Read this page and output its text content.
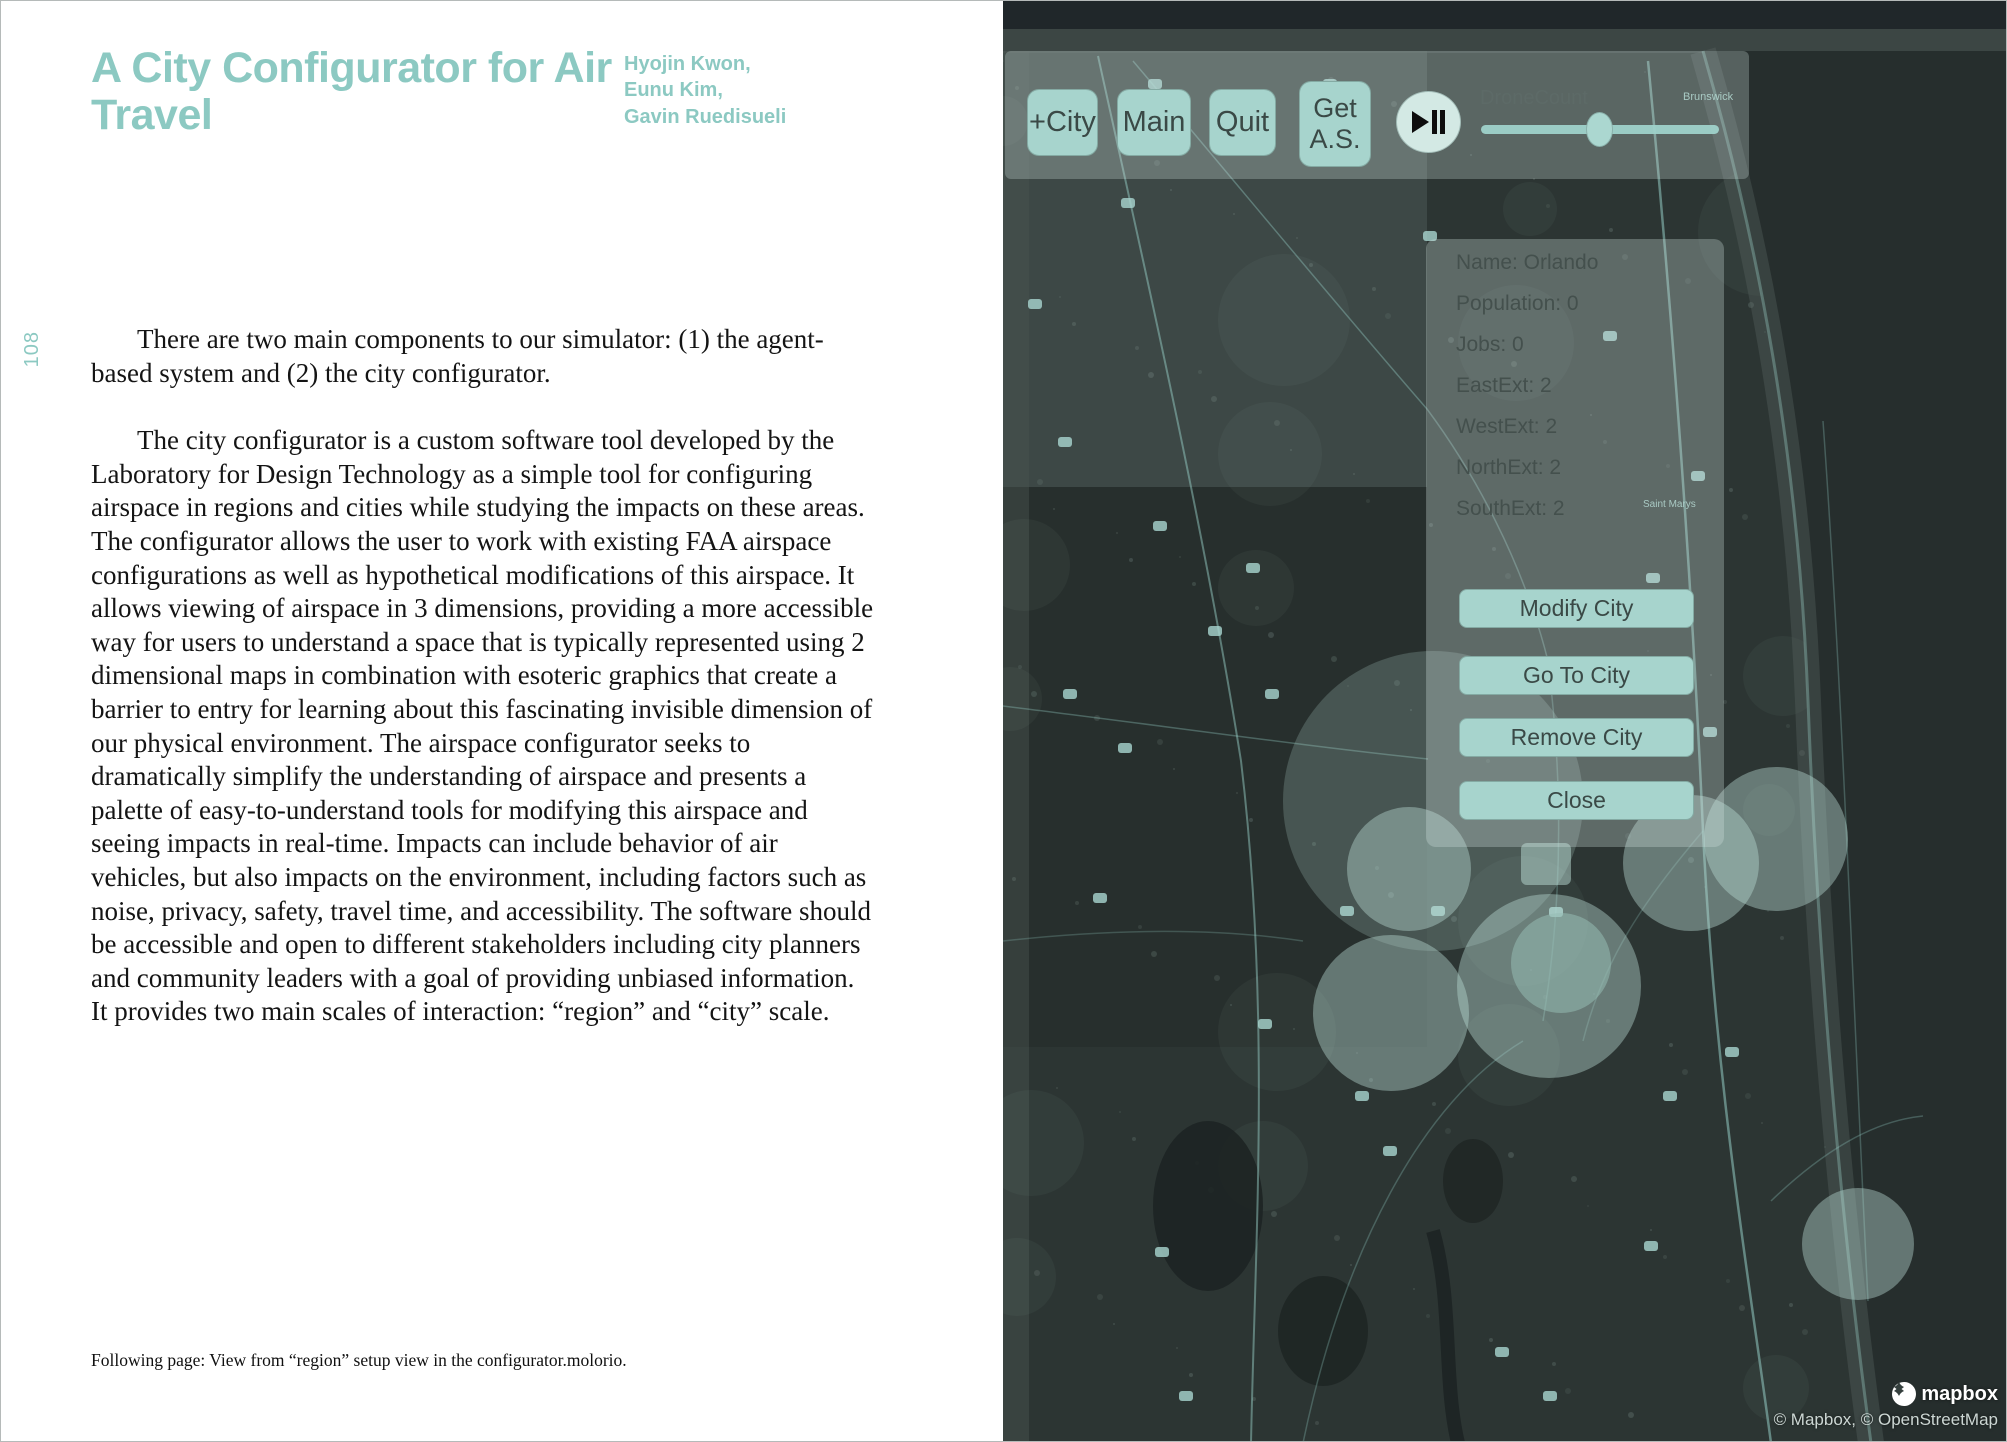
A City Configurator for Air Travel
Hyojin Kwon,
Eunu Kim,
Gavin Ruedisueli
108	There are two main components to our simulator: (1) the agent-based system and (2) the city configurator.

The city configurator is a custom software tool developed by the Laboratory for Design Technology as a simple tool for configuring airspace in regions and cities while studying the impacts on these areas. The configurator allows the user to work with existing FAA airspace configurations as well as hypothetical modifications of this airspace. It allows viewing of airspace in 3 dimensions, providing a more accessible way for users to understand a space that is typically represented using 2 dimensional maps in combination with esoteric graphics that create a barrier to entry for learning about this fascinating invisible dimension of our physical environment. The airspace configurator seeks to dramatically simplify the understanding of airspace and presents a palette of easy-to-understand tools for modifying this airspace and seeing impacts in real-time. Impacts can include behavior of air vehicles, but also impacts on the environment, including factors such as noise, privacy, safety, travel time, and accessibility. The software should be accessible and open to different stakeholders including city planners and community leaders with a goal of providing unbiased information. It provides two main scales of interaction: “region” and “city” scale.

Following page: View from “region” setup view in the configurator.molorio.
Brunswick
Saint Marys
+City Main Quit	Get A.S.
DroneCount
Name: Orlando
Population: 0
Jobs: 0
EastExt: 2
WestExt: 2
NorthExt: 2
SouthExt: 2
Modify City
Go To City
Remove City
Close
mapbox
© Mapbox, © OpenStreetMap
